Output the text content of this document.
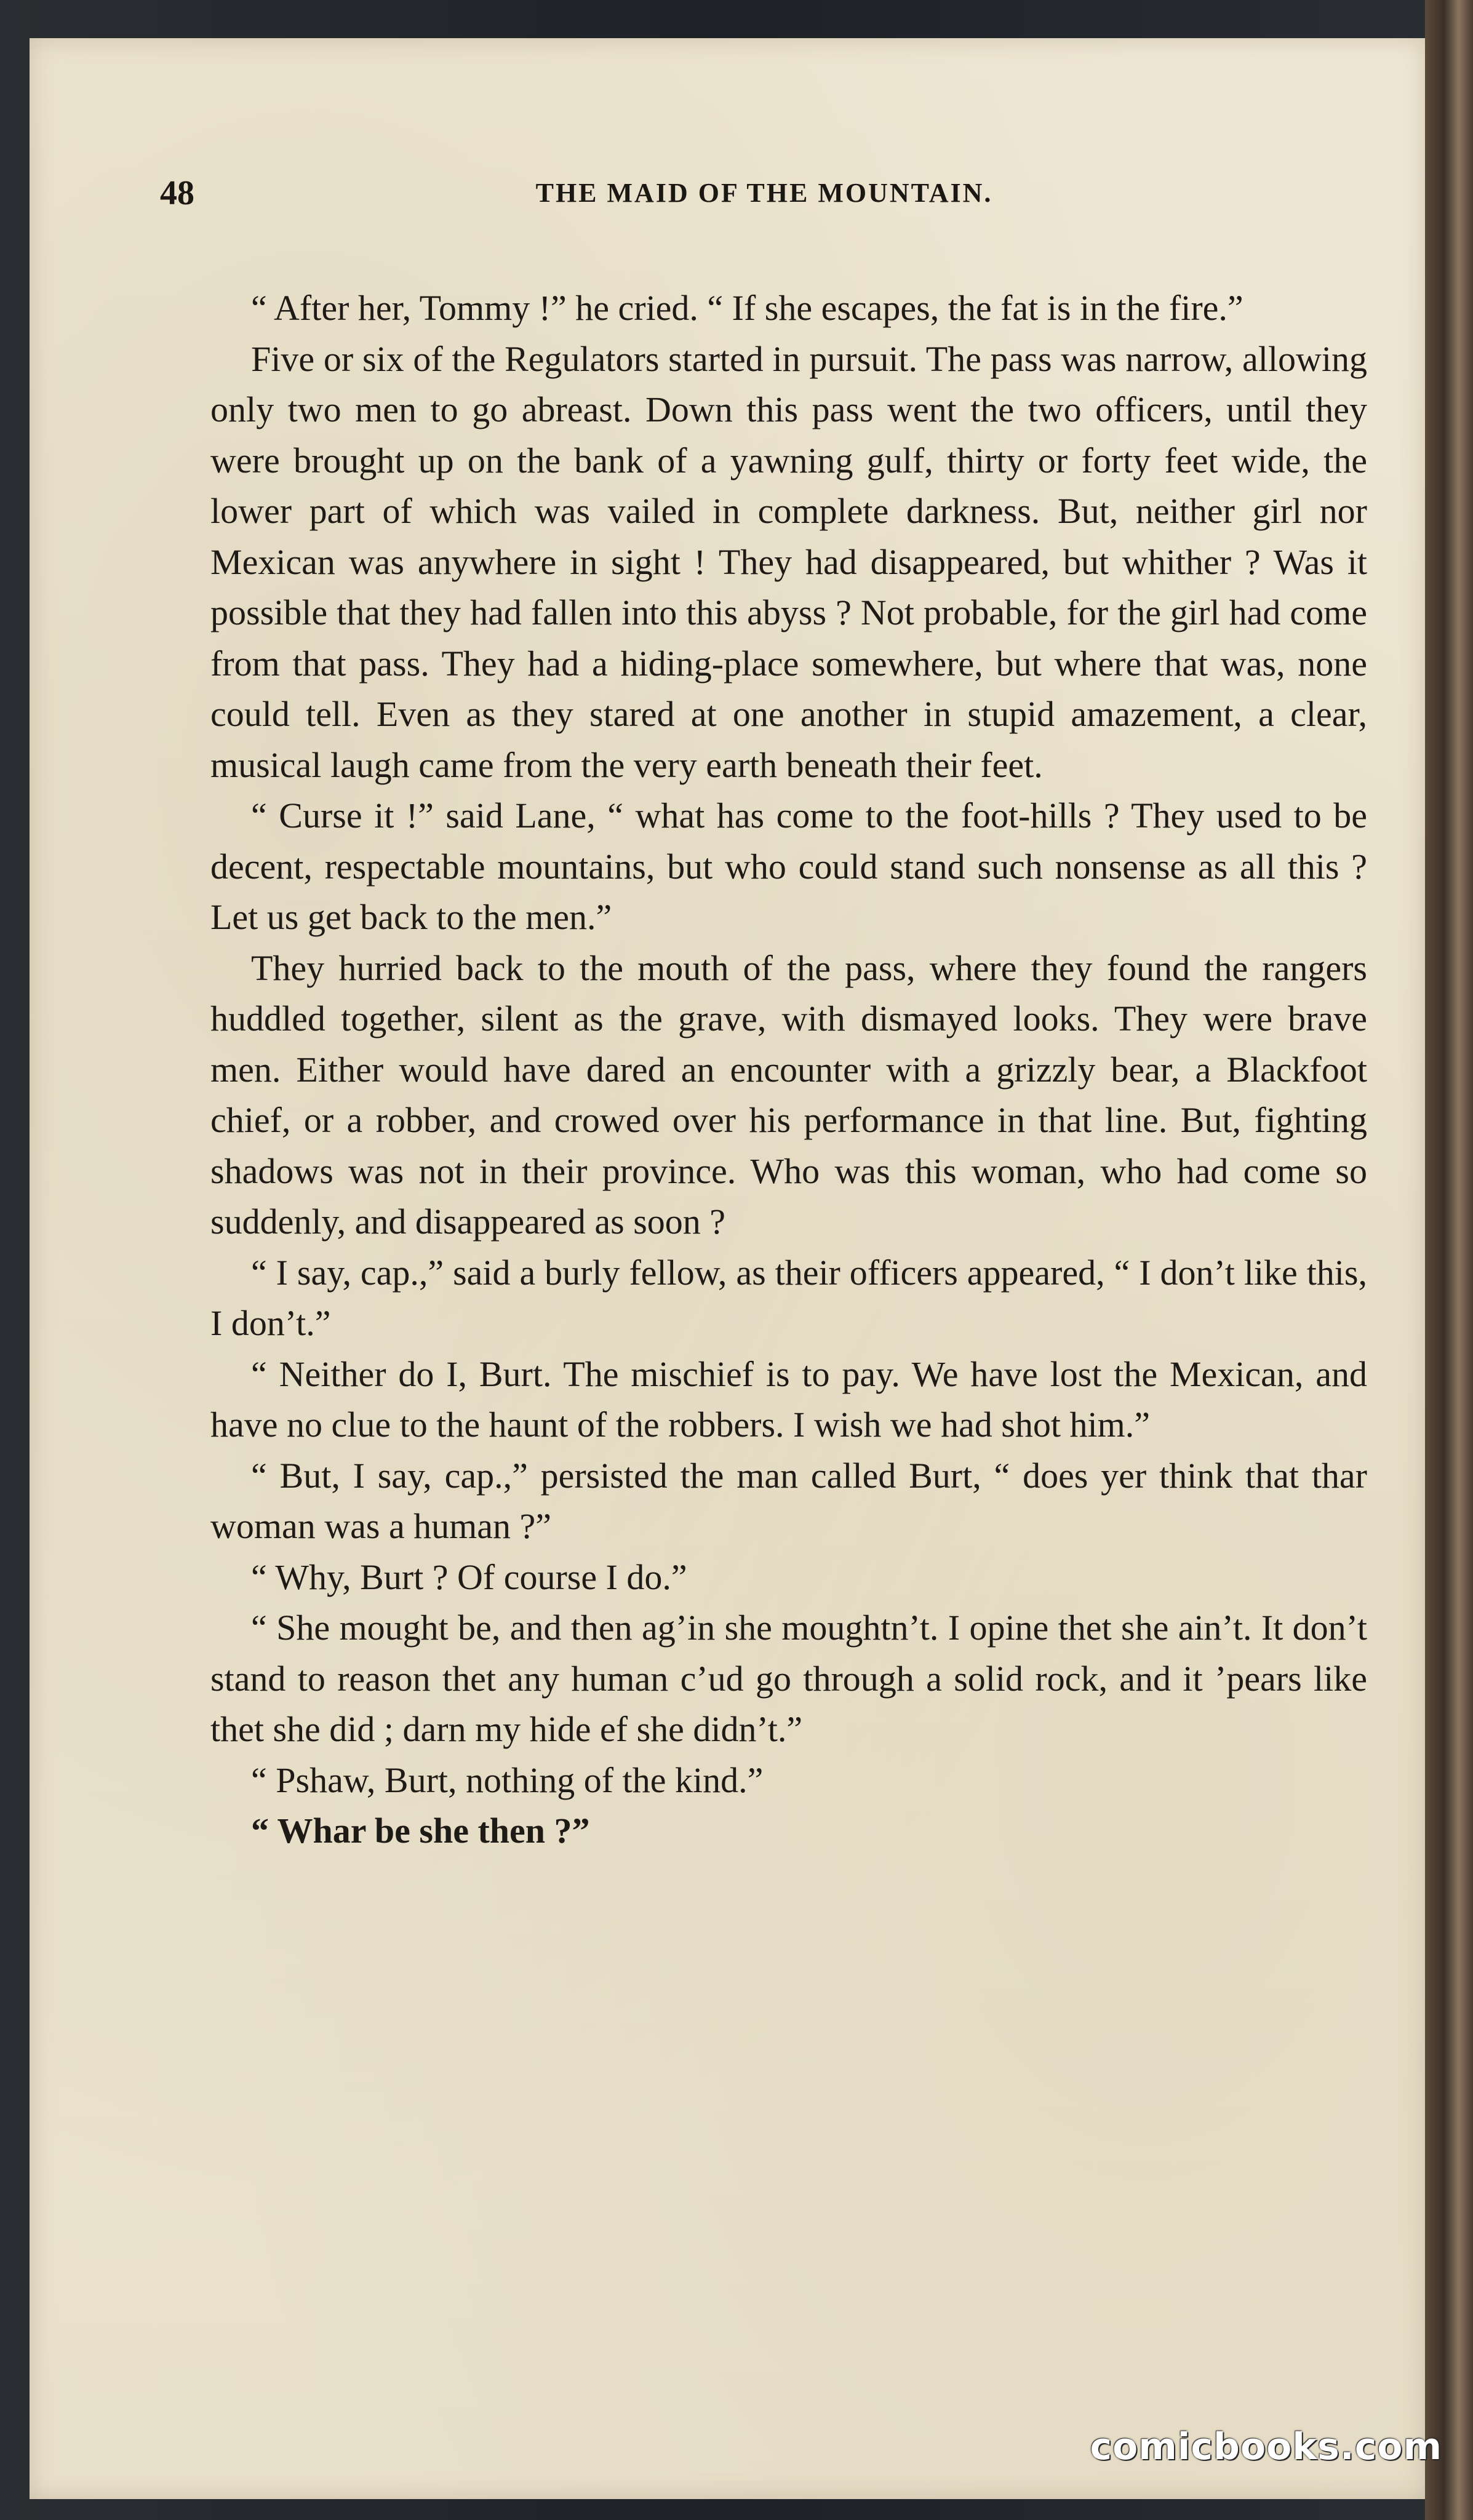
48	THE MAID OF THE MOUNTAIN.

“ After her, Tommy !” he cried. “ If she escapes, the fat is in the fire.”

Five or six of the Regulators started in pursuit. The pass was narrow, allowing only two men to go abreast. Down this pass went the two officers, until they were brought up on the bank of a yawning gulf, thirty or forty feet wide, the lower part of which was vailed in complete darkness. But, neither girl nor Mexican was anywhere in sight ! They had disappeared, but whither ? Was it possible that they had fallen into this abyss ? Not probable, for the girl had come from that pass. They had a hiding-place somewhere, but where that was, none could tell. Even as they stared at one another in stupid amazement, a clear, musical laugh came from the very earth beneath their feet.

“ Curse it !” said Lane, “ what has come to the foot-hills ? They used to be decent, respectable mountains, but who could stand such nonsense as all this ? Let us get back to the men.”

They hurried back to the mouth of the pass, where they found the rangers huddled together, silent as the grave, with dismayed looks. They were brave men. Either would have dared an encounter with a grizzly bear, a Blackfoot chief, or a robber, and crowed over his performance in that line. But, fighting shadows was not in their province. Who was this woman, who had come so suddenly, and disappeared as soon ?

“ I say, cap.,” said a burly fellow, as their officers appeared, “ I don’t like this, I don’t.”

“ Neither do I, Burt. The mischief is to pay. We have lost the Mexican, and have no clue to the haunt of the robbers. I wish we had shot him.”

“ But, I say, cap.,” persisted the man called Burt, “ does yer think that thar woman was a human ?”

“ Why, Burt ? Of course I do.”

“ She mought be, and then ag’in she moughtn’t. I opine thet she ain’t. It don’t stand to reason thet any human c’ud go through a solid rock, and it ’pears like thet she did ; darn my hide ef she didn’t.”

“ Pshaw, Burt, nothing of the kind.”

“ Whar be she then ?”

comicbooks.com
